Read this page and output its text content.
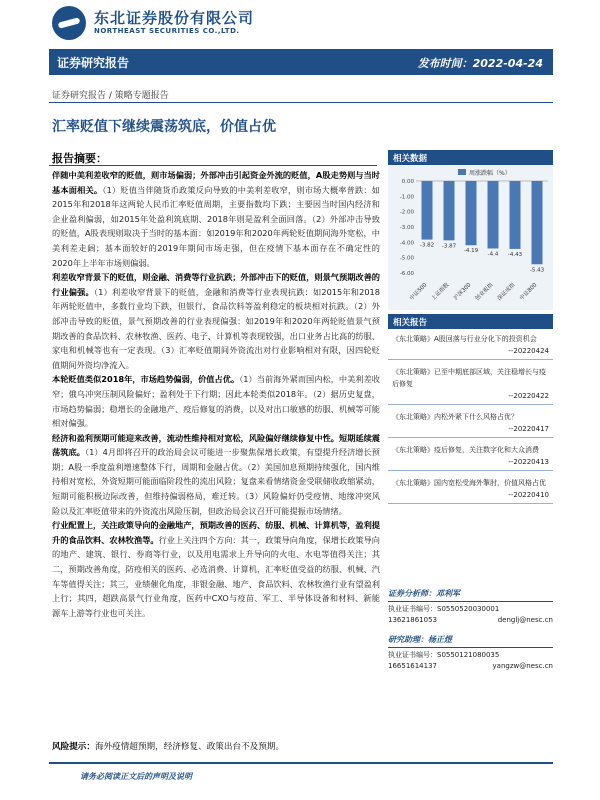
东北证券股份有限公司
NORTHEAST SECURITIES CO.,LTD.
证券研究报告	发布时间：2022-04-24
证券研究报告 / 策略专题报告
汇率贬值下继续震荡筑底，价值占优
报告摘要：

伴随中美利差收窄的贬值，则市场偏弱；外部冲击引起资金外流的贬值，A股走势则与当时基本面相关。（1）贬值当伴随货币政策反向导致的中美利差收窄，则市场大概率普跌：如2015年和2018年这两轮人民币汇率贬值周期，主要指数均下跌；主要因当时国内经济和企业盈利偏弱，如2015年处盈利筑底期、2018年则是盈利全面回落。（2）外部冲击导致的贬值，A股表现则取决于当时的基本面：如2019年和2020年两轮贬值期间海外宽松，中美利差走阔；基本面较好的2019年期间市场走强，但在疫情下基本面存在不确定性的2020年上半年市场则偏弱。

利差收窄背景下的贬值，则金融、消费等行业抗跌；外部冲击下的贬值，则景气预期改善的行业偏强。（1）利差收窄背景下的贬值，金融和消费等行业表现抗跌：如2015年和2018年两轮贬值中，多数行业均下跌，但银行、食品饮料等盈利稳定的板块相对抗跌。（2）外部冲击导致的贬值，景气预期改善的行业表现偏强：如2019年和2020年两轮贬值景气预期改善的食品饮料、农林牧渔、医药、电子、计算机等表现较强，出口业务占比高的纺服、家电和机械等也有一定表现。（3）汇率贬值期间外资流出对行业影响相对有限，因四轮贬值期间外资均净流入。

本轮贬值类似2018年，市场趋势偏弱，价值占优。（1）当前海外紧而国内松，中美利差收窄；俄乌冲突压制风险偏好；盈利处于下行期；因此本轮类似2018年。（2）据历史复盘，市场趋势偏弱；稳增长的金融地产、疫后修复的消费，以及对出口敏感的纺服、机械等可能相对偏强。

经济和盈利预期可能迎来改善，流动性维持相对宽松，风险偏好继续修复中性。短期延续震荡筑底。（1）4月即将召开的政治局会议可能进一步聚焦保增长政策，有望提升经济增长预期；A股一季度盈利增速整体下行，周期和金融占优。（2）美国加息预期持续强化，国内维持相对宽松，外资短期可能面临阶段性的流出风险；复盘来看情绪资金受联储收政缩紧动，短期可能积极边际改善，但维持偏弱格局，难迁转。（3）风险偏好仍受疫情、地缘冲突风险以及汇率贬值带来的外资流出风险压制，但政治局会议召开可能提振市场情绪。

行业配置上，关注政策导向的金融地产，预期改善的医药、纺服、机械、计算机等，盈利提升的食品饮料、农林牧渔等。行业上关注四个方向：其一，政策导向角度，保增长政策导向的地产、建筑、银行、券商等行业，以及用电需求上升导向的火电、水电等值得关注；其二，预期改善角度，防疫相关的医药、必选消费、计算机，汇率贬值受益的纺服、机械、汽车等值得关注；其三，业绩催化角度，非银金融、地产、食品饮料、农林牧渔行业有望盈利上行；其四，超跌高景气行业角度，医药中CXO与疫苗、军工、半导体设备和材料、新能源车上游等行业也可关注。

风险提示：海外疫情超预期，经济修复、政策出台不及预期。
相关数据
周涨跌幅（%）
0.00
-1.00
-2.00
-3.00
-4.00
-5.00
-6.00
-3.82
中证500
-3.87
上证指数
-4.19
沪深300
-4.4
创业板指
-4.43
深证成指
-5.43
中证800
相关报告
《东北策略》A股回落与行业分化下的投资机会
--20220424
《东北策略》已至中期底部区域，关注稳增长与疫后修复
--20220422
《东北策略》内松外紧下什么风格占优？
--20220417
《东北策略》疫后修复，关注数字化和大众消费
--20220413
《东北策略》国内宽松受海外掣肘，价值风格占优
--20220410
证券分析师：邓利军
执业证书编号：S0550520030001
13621861053	denglj@nesc.cn
研究助理：杨正煜
执业证书编号：S0550121080035
16651614137	yangzw@nesc.cn
请务必阅读正文后的声明及说明
